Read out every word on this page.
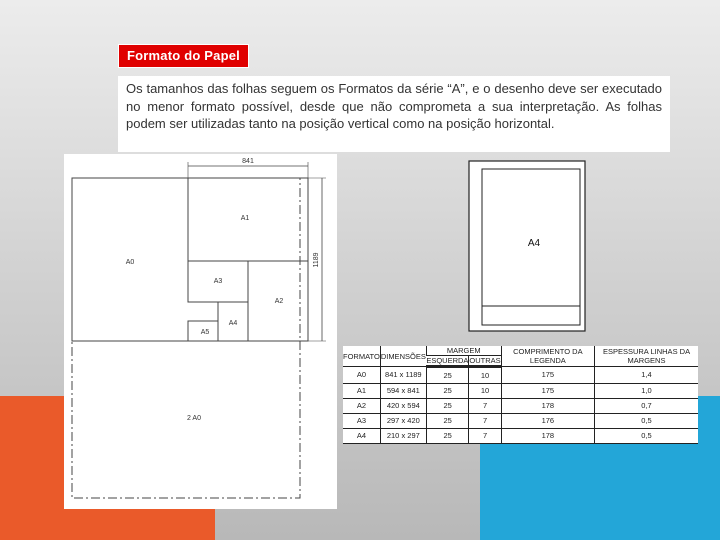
Formato do Papel

Os tamanhos das folhas seguem os Formatos da série “A”, e o desenho deve ser executado no menor formato possível, desde que não comprometa a sua interpretação. As folhas podem ser utilizadas tanto na posição vertical como na posição horizontal.

841
1189
A0
A1
A2
A3
A4
A5
2 A0
A4
FORMATO	DIMENSÕES	MARGEM		COMPRIMENTO DA LEGENDA	ESPESSURA LINHAS DA MARGENS
		ESQUERDA	OUTRAS		
A0	841 x 1189	25	10	175	1,4
A1	594 x 841	25	10	175	1,0
A2	420 x 594	25	7	178	0,7
A3	297 x 420	25	7	176	0,5
A4	210 x 297	25	7	178	0,5
